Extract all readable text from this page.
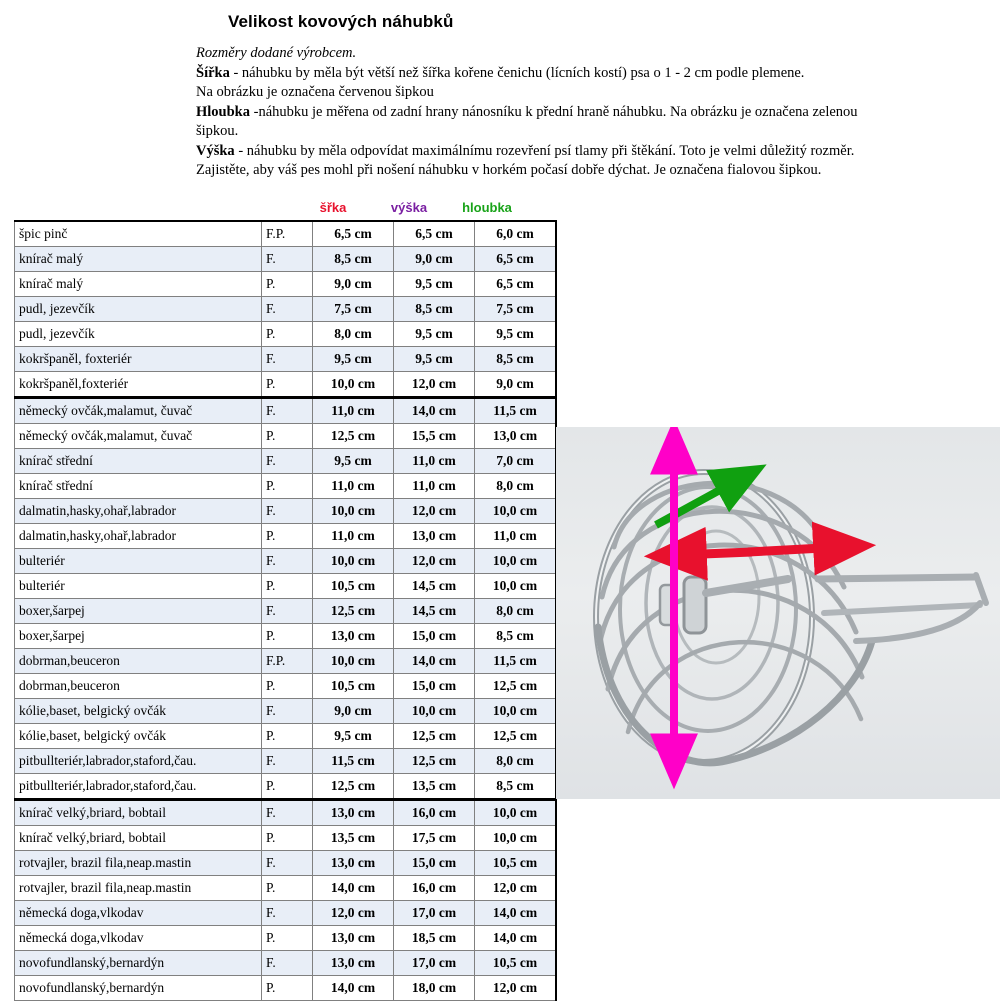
Velikost kovových náhubků

Rozměry dodané výrobcem.

Šířka - náhubku by měla být větší než šířka kořene čenichu (lícních kostí) psa o 1 - 2 cm podle plemene.

Na obrázku je označena červenou šipkou

Hloubka -náhubku je měřena od zadní hrany nánosníku k přední hraně náhubku. Na obrázku je označena zelenou šipkou.

Výška - náhubku by měla odpovídat maximálnímu rozevření psí tlamy při štěkání. Toto je velmi důležitý rozměr. Zajistěte, aby váš pes mohl při nošení náhubku v horkém počasí dobře dýchat. Je označena fialovou šipkou.

šřka	výška	hloubka
špic pinč	F.P.	6,5 cm	6,5 cm	6,0 cm
knírač malý	F.	8,5 cm	9,0 cm	6,5 cm
knírač malý	P.	9,0 cm	9,5 cm	6,5 cm
pudl, jezevčík	F.	7,5 cm	8,5 cm	7,5 cm
pudl, jezevčík	P.	8,0 cm	9,5 cm	9,5 cm
kokršpaněl, foxteriér	F.	9,5 cm	9,5 cm	8,5 cm
kokršpaněl,foxteriér	P.	10,0 cm	12,0 cm	9,0 cm
německý ovčák,malamut, čuvač	F.	11,0 cm	14,0 cm	11,5 cm
německý ovčák,malamut, čuvač	P.	12,5 cm	15,5 cm	13,0 cm
knírač střední	F.	9,5 cm	11,0 cm	7,0 cm
knírač střední	P.	11,0 cm	11,0 cm	8,0 cm
dalmatin,hasky,ohař,labrador	F.	10,0 cm	12,0 cm	10,0 cm
dalmatin,hasky,ohař,labrador	P.	11,0 cm	13,0 cm	11,0 cm
bulteriér	F.	10,0 cm	12,0 cm	10,0 cm
bulteriér	P.	10,5 cm	14,5 cm	10,0 cm
boxer,šarpej	F.	12,5 cm	14,5 cm	8,0 cm
boxer,šarpej	P.	13,0 cm	15,0 cm	8,5 cm
dobrman,beuceron	F.P.	10,0 cm	14,0 cm	11,5 cm
dobrman,beuceron	P.	10,5 cm	15,0 cm	12,5 cm
kólie,baset, belgický ovčák	F.	9,0 cm	10,0 cm	10,0 cm
kólie,baset, belgický ovčák	P.	9,5 cm	12,5 cm	12,5 cm
pitbullteriér,labrador,staford,čau.	F.	11,5 cm	12,5 cm	8,0 cm
pitbullteriér,labrador,staford,čau.	P.	12,5 cm	13,5 cm	8,5 cm
knírač velký,briard, bobtail	F.	13,0 cm	16,0 cm	10,0 cm
knírač velký,briard, bobtail	P.	13,5 cm	17,5 cm	10,0 cm
rotvajler, brazil fila,neap.mastin	F.	13,0 cm	15,0 cm	10,5 cm
rotvajler, brazil fila,neap.mastin	P.	14,0 cm	16,0 cm	12,0 cm
německá doga,vlkodav	F.	12,0 cm	17,0 cm	14,0 cm
německá doga,vlkodav	P.	13,0 cm	18,5 cm	14,0 cm
novofundlanský,bernardýn	F.	13,0 cm	17,0 cm	10,5 cm
novofundlanský,bernardýn	P.	14,0 cm	18,0 cm	12,0 cm
